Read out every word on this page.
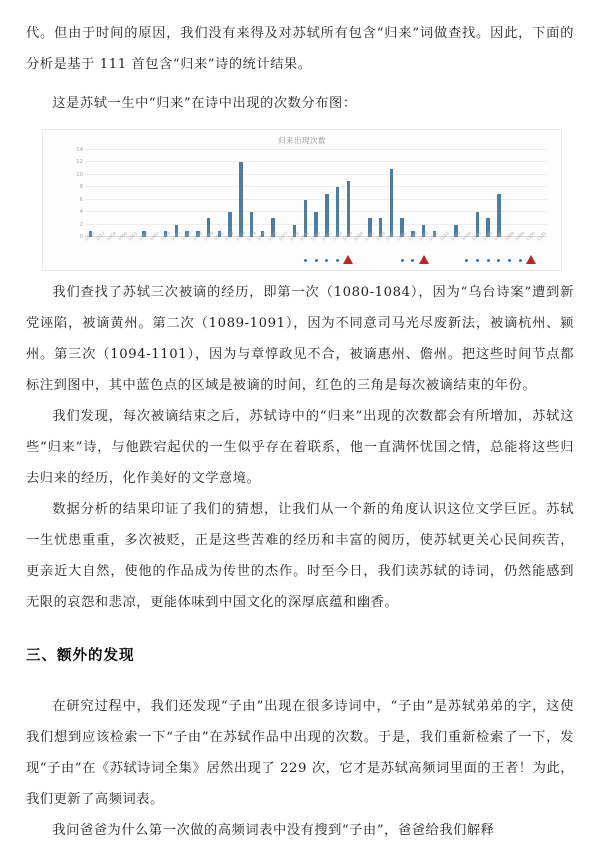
代。但由于时间的原因，我们没有来得及对苏轼所有包含“归来”词做查找。因此，下面的分析是基于 111 首包含“归来”诗的统计结果。

这是苏轼一生中“归来”在诗中出现的次数分布图：

归来出现次数
0
2
4
6
8
10
12
14
1056 1057 1059 1060 1061 1062 1063 1064 1065 1066 1068 1069 1071 1072 1073 1074 1075 1076 1077 1078 1079 1080 1081 1082 1083 1084 1085 1086 1087 1088 1089 1090 1091 1092 1093 1094 1095 1096 1097 1098 1099 1100 1101

我们查找了苏轼三次被谪的经历，即第一次（1080-1084），因为“乌台诗案”遭到新党诬陷，被谪黄州。第二次（1089-1091），因为不同意司马光尽废新法，被谪杭州、颍州。第三次（1094-1101），因为与章惇政见不合，被谪惠州、儋州。把这些时间节点都标注到图中，其中蓝色点的区域是被谪的时间，红色的三角是每次被谪结束的年份。

我们发现，每次被谪结束之后，苏轼诗中的“归来”出现的次数都会有所增加，苏轼这些“归来”诗，与他跌宕起伏的一生似乎存在着联系，他一直满怀忧国之情，总能将这些归去归来的经历，化作美好的文学意境。

数据分析的结果印证了我们的猜想，让我们从一个新的角度认识这位文学巨匠。苏轼一生忧患重重，多次被贬，正是这些苦难的经历和丰富的阅历，使苏轼更关心民间疾苦，更亲近大自然，使他的作品成为传世的杰作。时至今日，我们读苏轼的诗词，仍然能感到无限的哀怨和悲凉，更能体味到中国文化的深厚底蕴和幽香。

三、额外的发现

在研究过程中，我们还发现“子由”出现在很多诗词中，“子由”是苏轼弟弟的字，这使我们想到应该检索一下“子由”在苏轼作品中出现的次数。于是，我们重新检索了一下，发现“子由”在《苏轼诗词全集》居然出现了 229 次，它才是苏轼高频词里面的王者！为此，我们更新了高频词表。

我问爸爸为什么第一次做的高频词表中没有搜到“子由”，爸爸给我们解释
